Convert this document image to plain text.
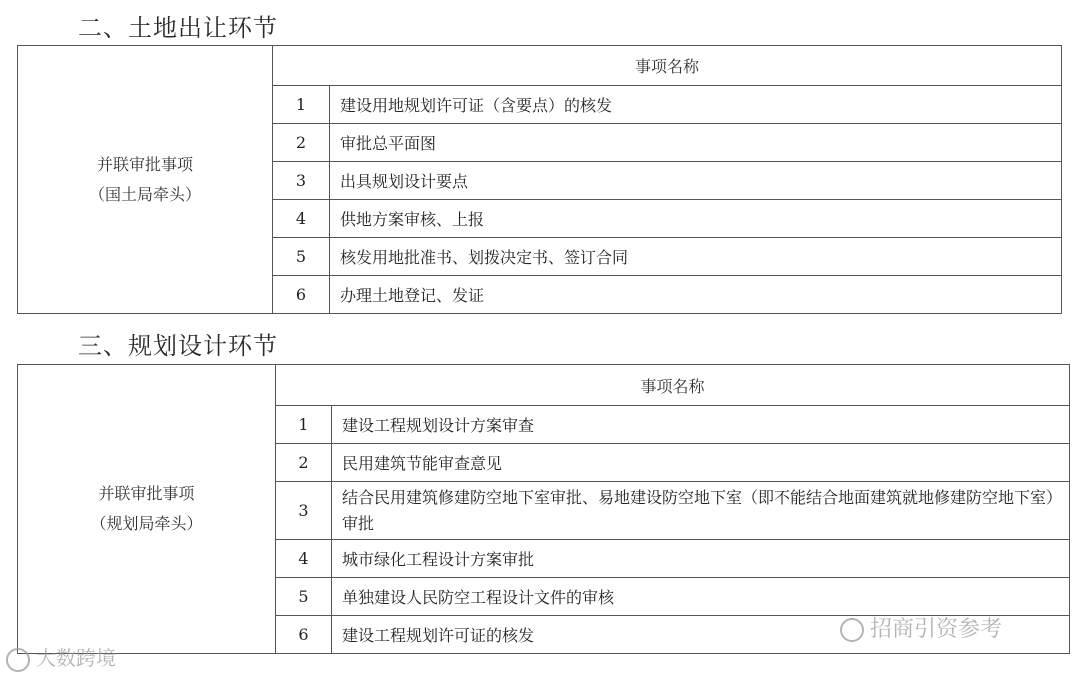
二、土地出让环节
并联审批事项
（国土局牵头）	事项名称	
	1	建设用地规划许可证（含要点）的核发
	2	审批总平面图
	3	出具规划设计要点
	4	供地方案审核、上报
	5	核发用地批准书、划拨决定书、签订合同
	6	办理土地登记、发证
三、规划设计环节
并联审批事项
（规划局牵头）	事项名称	
	1	建设工程规划设计方案审查
	2	民用建筑节能审查意见
	3	结合民用建筑修建防空地下室审批、易地建设防空地下室（即不能结合地面建筑就地修建防空地下室）审批
	4	城市绿化工程设计方案审批
	5	单独建设人民防空工程设计文件的审核
	6	建设工程规划许可证的核发	招商引资参考
大数跨境
